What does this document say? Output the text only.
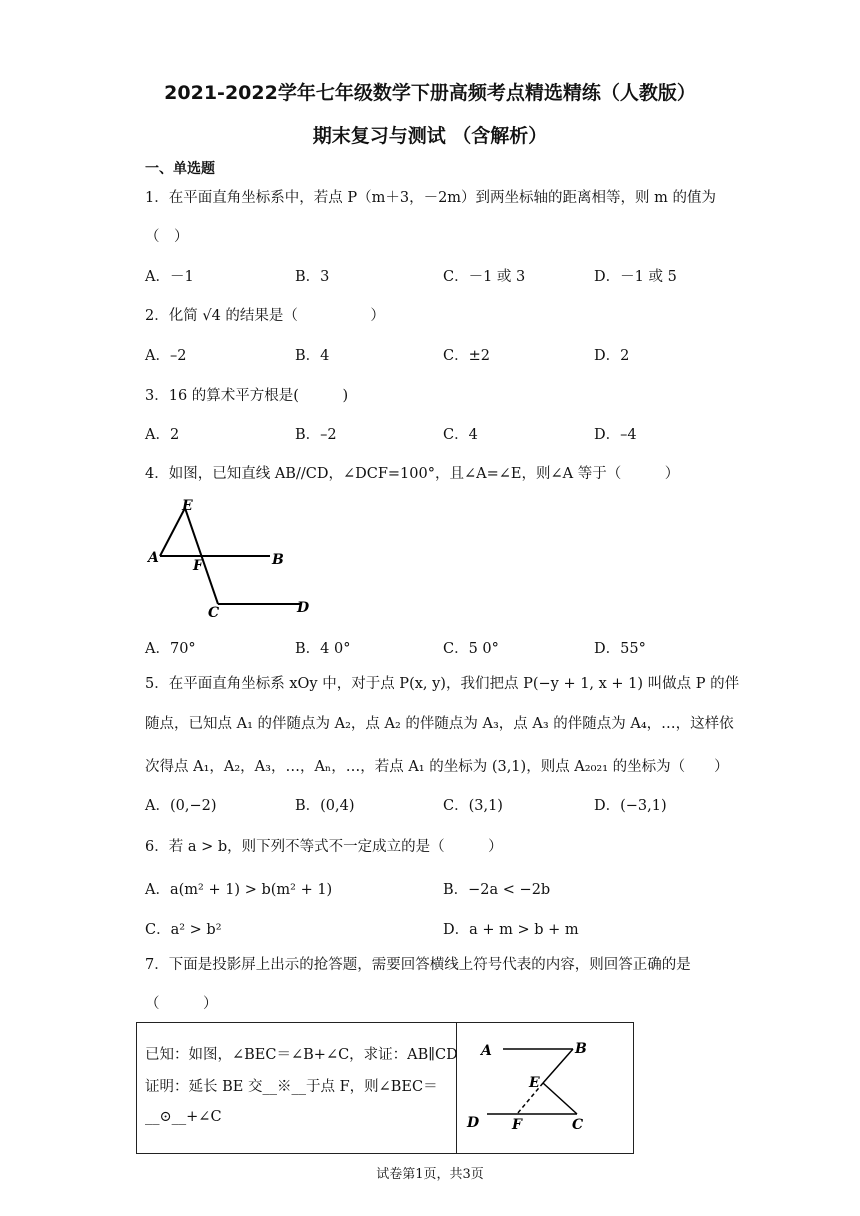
2021-2022学年七年级数学下册高频考点精选精练（人教版）
期末复习与测试 （含解析）
一、单选题
1．在平面直角坐标系中，若点 P（m＋3，－2m）到两坐标轴的距离相等，则 m 的值为
（　）
A．－1	B．3	C．－1 或 3	D．－1 或 5
2．化简 √4 的结果是（　　　　　）
A．–2	B．4	C．±2	D．2
3．16 的算术平方根是(　　　)
A．2	B．–2	C．4	D．–4
4．如图，已知直线 AB//CD，∠DCF=100°，且∠A=∠E，则∠A 等于（　　　）
E
A F	B
C	D
A．70°	B．4 0°	C．5 0°	D．55°
5．在平面直角坐标系 xOy 中，对于点 P(x, y)，我们把点 P(−y + 1, x + 1) 叫做点 P 的伴
随点，已知点 A₁ 的伴随点为 A₂，点 A₂ 的伴随点为 A₃，点 A₃ 的伴随点为 A₄，…，这样依
次得点 A₁，A₂，A₃，…，Aₙ，…，若点 A₁ 的坐标为 (3,1)，则点 A₂₀₂₁ 的坐标为（　　）
A．(0,−2)	B．(0,4)	C．(3,1)	D．(−3,1)
6．若 a > b，则下列不等式不一定成立的是（　　　）
A．a(m² + 1) > b(m² + 1)	B．−2a < −2b
C．a² > b²	D．a + m > b + m
7．下面是投影屏上出示的抢答题，需要回答横线上符号代表的内容，则回答正确的是
（　　　）
已知：如图，∠BEC＝∠B+∠C，求证：AB∥CD
证明：延长 BE 交__※__于点 F，则∠BEC＝
__⊙__+∠C

A	B
E
D F	C
试卷第1页，共3页
